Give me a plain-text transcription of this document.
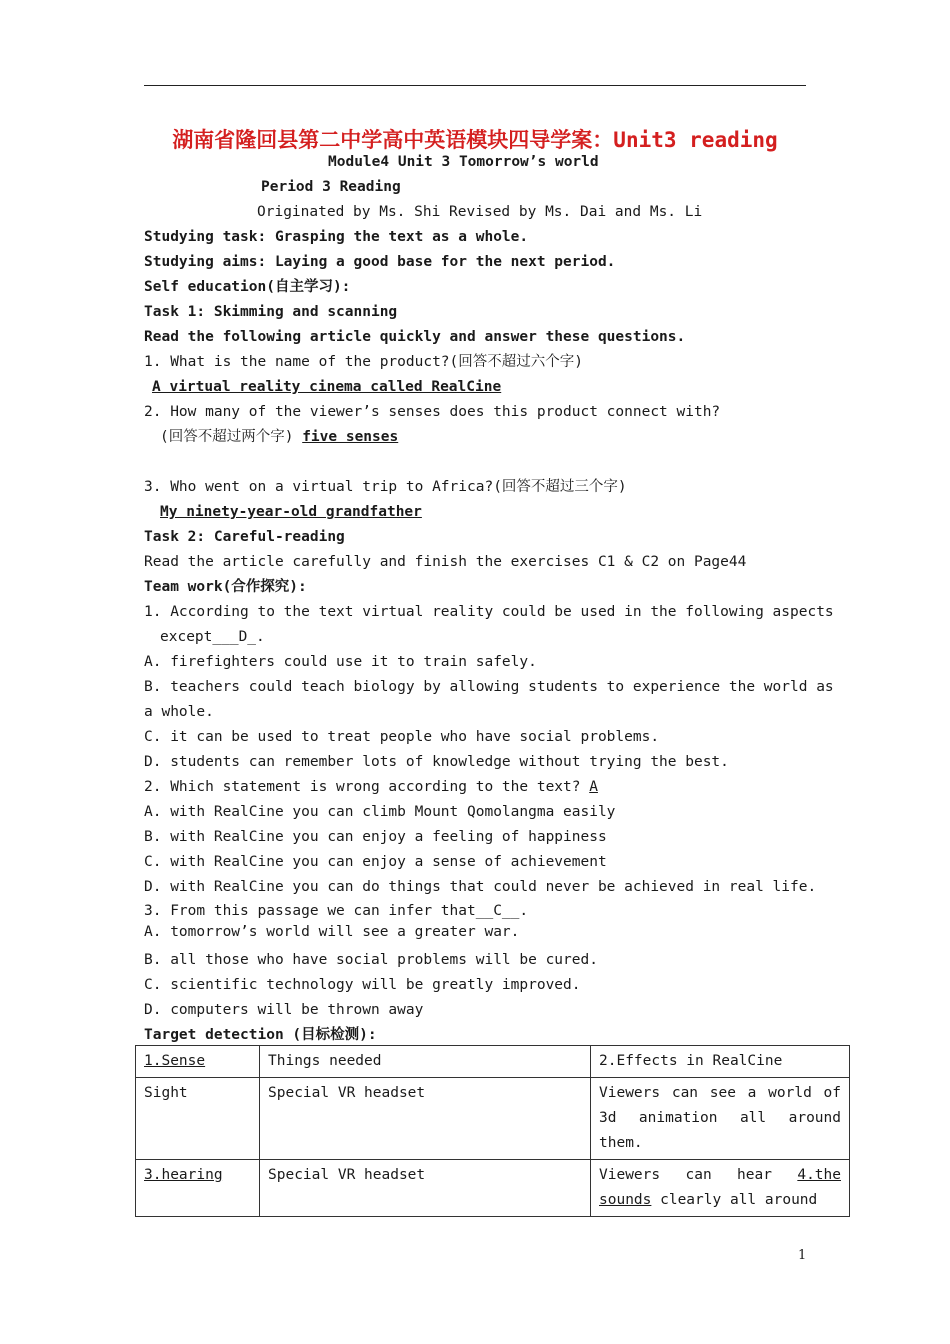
湖南省隆回县第二中学高中英语模块四导学案：Unit3 reading
Module4 Unit 3 Tomorrow’s world
Period 3 Reading
Originated by Ms. Shi Revised by Ms. Dai and Ms. Li
Studying task: Grasping the text as a whole.
Studying aims: Laying a good base for the next period.
Self education(自主学习):
Task 1: Skimming and scanning
Read the following article quickly and answer these questions.
1. What is the name of the product?(回答不超过六个字)
A virtual reality cinema called RealCine
2. How many of the viewer’s senses does this product connect with?
(回答不超过两个字) five senses
3. Who went on a virtual trip to Africa?(回答不超过三个字)
My ninety-year-old grandfather
Task 2: Careful-reading
Read the article carefully and finish the exercises C1 & C2 on Page44
Team work(合作探究):
1. According to the text virtual reality could be used in the following aspects
except___D_.
A. firefighters could use it to train safely.
B. teachers could teach biology by allowing students to experience the world as
a whole.
C. it can be used to treat people who have social problems.
D. students can remember lots of knowledge without trying the best.
2. Which statement is wrong according to the text? A
A. with RealCine you can climb Mount Qomolangma easily
B. with RealCine you can enjoy a feeling of happiness
C. with RealCine you can enjoy a sense of achievement
D. with RealCine you can do things that could never be achieved in real life.
3. From this passage we can infer that__C__.
A. tomorrow’s world will see a greater war.
B. all those who have social problems will be cured.
C. scientific technology will be greatly improved.
D. computers will be thrown away
Target detection (目标检测):
1.Sense	Things needed	2.Effects in RealCine
Sight	Special VR headset	Viewers can see a world of 3d animation all around them.
3.hearing	Special VR headset	Viewers can hear 4.the sounds clearly all around
1
